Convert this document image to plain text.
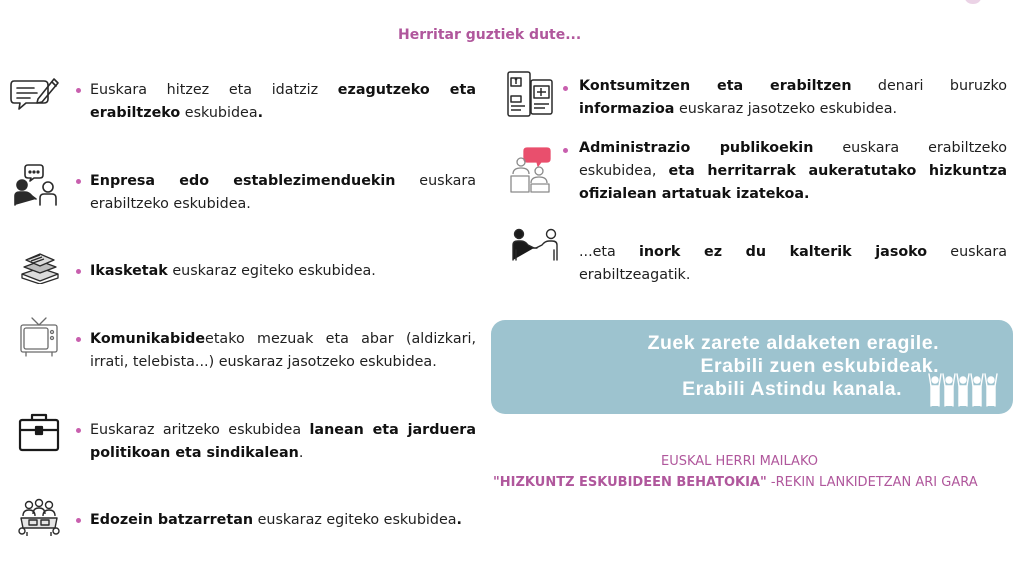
Herritar guztiek dute...
Euskara hitzez eta idatziz ezagutzeko eta erabiltzeko eskubidea.
Enpresa edo establezimenduekin euskara erabiltzeko eskubidea.
Ikasketak euskaraz egiteko eskubidea.
Komunikabideetako mezuak eta abar (aldizkari, irrati, telebista...) euskaraz jasotzeko eskubidea.
Euskaraz aritzeko eskubidea lanean eta jarduera politikoan eta sindikalean.
Edozein batzarretan euskaraz egiteko eskubidea.
Kontsumitzen eta erabiltzen denari buruzko informazioa euskaraz jasotzeko eskubidea.
Administrazio publikoekin euskara erabiltzeko eskubidea, eta herritarrak aukeratutako hizkuntza ofizialean artatuak izatekoa.
...eta inork ez du kalterik jasoko euskara erabiltzeagatik.
Zuek zarete aldaketen eragile.
Erabili zuen eskubideak.
Erabili Astindu kanala.
EUSKAL HERRI MAILAKO
"HIZKUNTZ ESKUBIDEEN BEHATOKIA" -REKIN LANKIDETZAN ARI GARA
